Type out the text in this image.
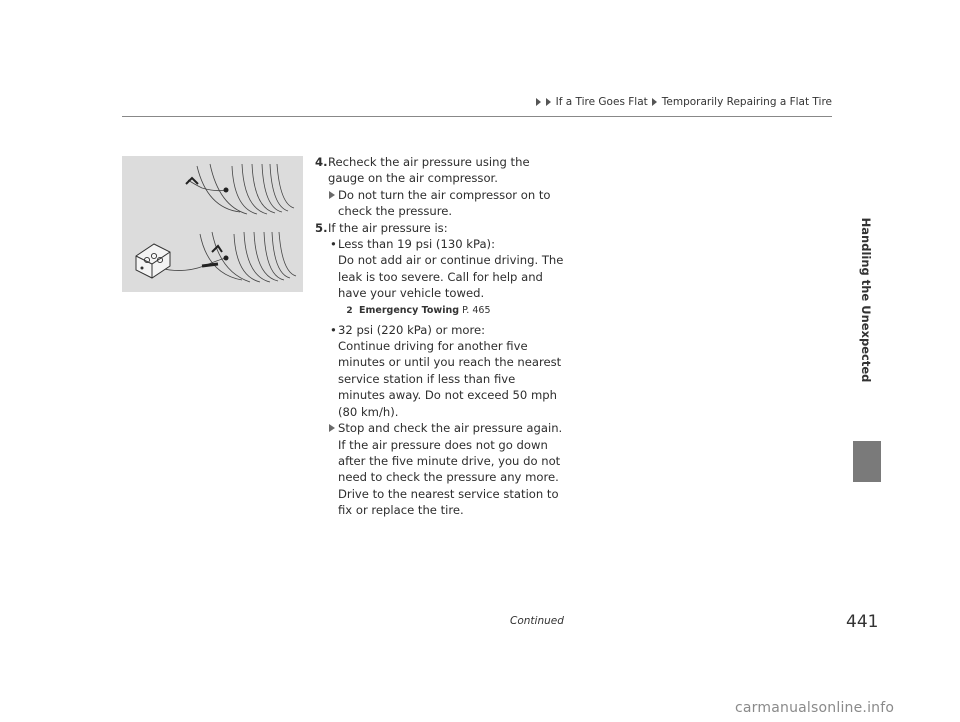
If a Tire Goes Flat Temporarily Repairing a Flat Tire
4. Recheck the air pressure using the gauge on the air compressor.
Do not turn the air compressor on to check the pressure.
5. If the air pressure is:
• Less than 19 psi (130 kPa):
Do not add air or continue driving. The leak is too severe. Call for help and have your vehicle towed.
2 Emergency Towing P. 465
• 32 psi (220 kPa) or more:
Continue driving for another five minutes or until you reach the nearest service station if less than five minutes away. Do not exceed 50 mph (80 km/h).
Stop and check the air pressure again. If the air pressure does not go down after the five minute drive, you do not need to check the pressure any more. Drive to the nearest service station to fix or replace the tire.
Handling the Unexpected
Continued	441
carmanualsonline.info
